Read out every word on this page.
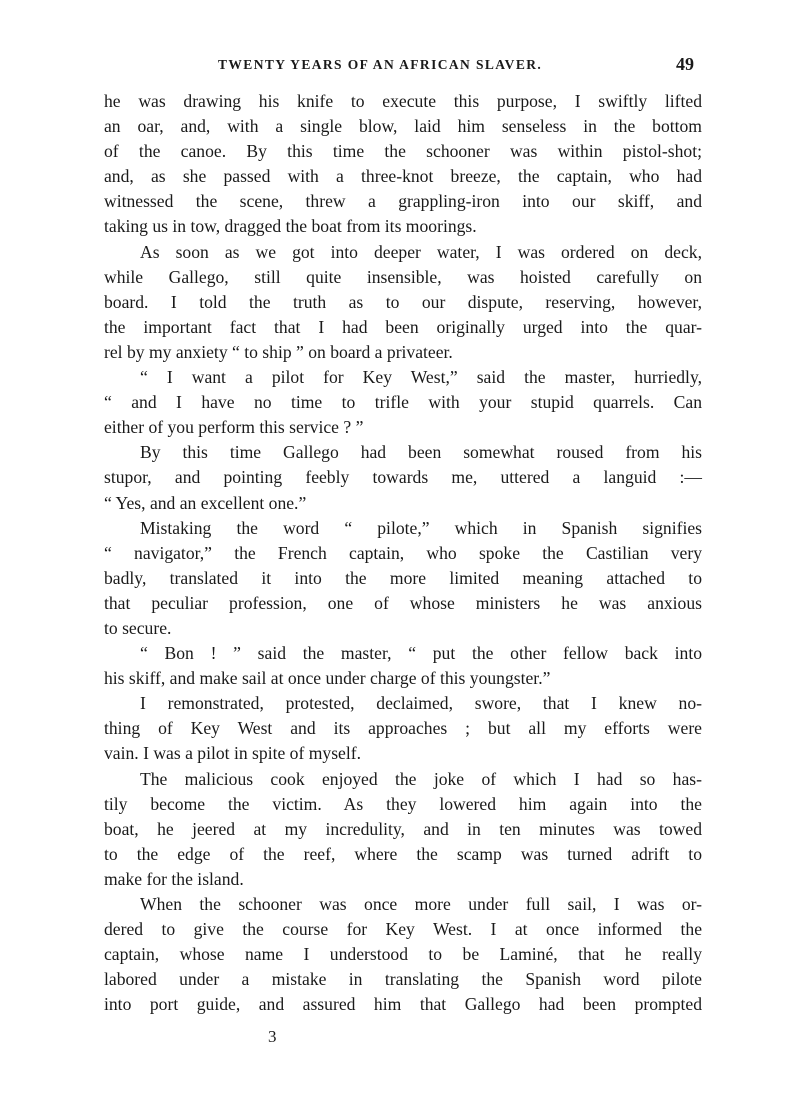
TWENTY YEARS OF AN AFRICAN SLAVER.	49
he was drawing his knife to execute this purpose, I swiftly lifted
an oar, and, with a single blow, laid him senseless in the bottom
of the canoe. By this time the schooner was within pistol-shot;
and, as she passed with a three-knot breeze, the captain, who had
witnessed the scene, threw a grappling-iron into our skiff, and
taking us in tow, dragged the boat from its moorings.
As soon as we got into deeper water, I was ordered on deck,
while Gallego, still quite insensible, was hoisted carefully on
board. I told the truth as to our dispute, reserving, however,
the important fact that I had been originally urged into the quar-
rel by my anxiety “ to ship ” on board a privateer.
“ I want a pilot for Key West,” said the master, hurriedly,
“ and I have no time to trifle with your stupid quarrels. Can
either of you perform this service ? ”
By this time Gallego had been somewhat roused from his
stupor, and pointing feebly towards me, uttered a languid :—
“ Yes, and an excellent one.”
Mistaking the word “ pilote,” which in Spanish signifies
“ navigator,” the French captain, who spoke the Castilian very
badly, translated it into the more limited meaning attached to
that peculiar profession, one of whose ministers he was anxious
to secure.
“ Bon ! ” said the master, “ put the other fellow back into
his skiff, and make sail at once under charge of this youngster.”
I remonstrated, protested, declaimed, swore, that I knew no-
thing of Key West and its approaches ; but all my efforts were
vain. I was a pilot in spite of myself.
The malicious cook enjoyed the joke of which I had so has-
tily become the victim. As they lowered him again into the
boat, he jeered at my incredulity, and in ten minutes was towed
to the edge of the reef, where the scamp was turned adrift to
make for the island.
When the schooner was once more under full sail, I was or-
dered to give the course for Key West. I at once informed the
captain, whose name I understood to be Laminé, that he really
labored under a mistake in translating the Spanish word pilote
into port guide, and assured him that Gallego had been prompted
3
